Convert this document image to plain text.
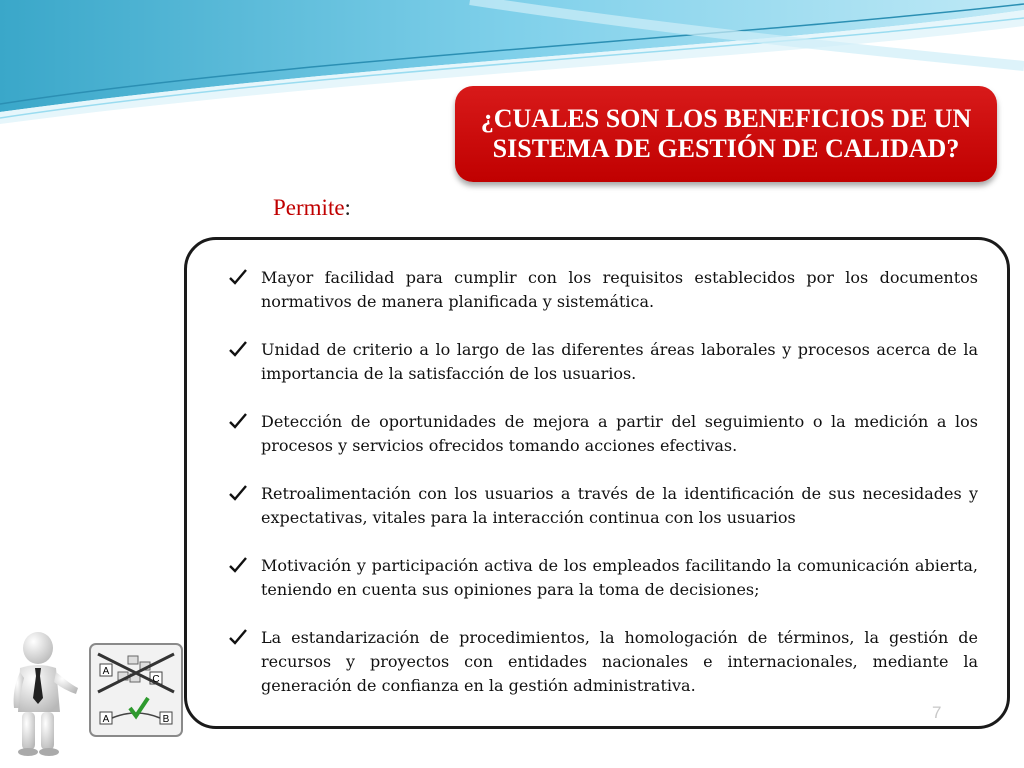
¿CUALES SON LOS BENEFICIOS DE UN SISTEMA DE GESTIÓN DE CALIDAD?
Permite:
Mayor facilidad para cumplir con los requisitos establecidos por los documentos normativos de manera planificada y sistemática.
Unidad de criterio a lo largo de las diferentes áreas laborales y procesos acerca de la importancia de la satisfacción de los usuarios.
Detección de oportunidades de mejora a partir del seguimiento o la medición a los procesos y servicios ofrecidos tomando acciones efectivas.
Retroalimentación con los usuarios a través de la identificación de sus necesidades y expectativas, vitales para la interacción continua con los usuarios
Motivación y participación activa de los empleados facilitando la comunicación abierta, teniendo en cuenta sus opiniones para la toma de decisiones;
La estandarización de procedimientos, la homologación de términos, la gestión de recursos y proyectos con entidades nacionales e internacionales, mediante la generación de confianza en la gestión administrativa.
7
A
C
A	B
